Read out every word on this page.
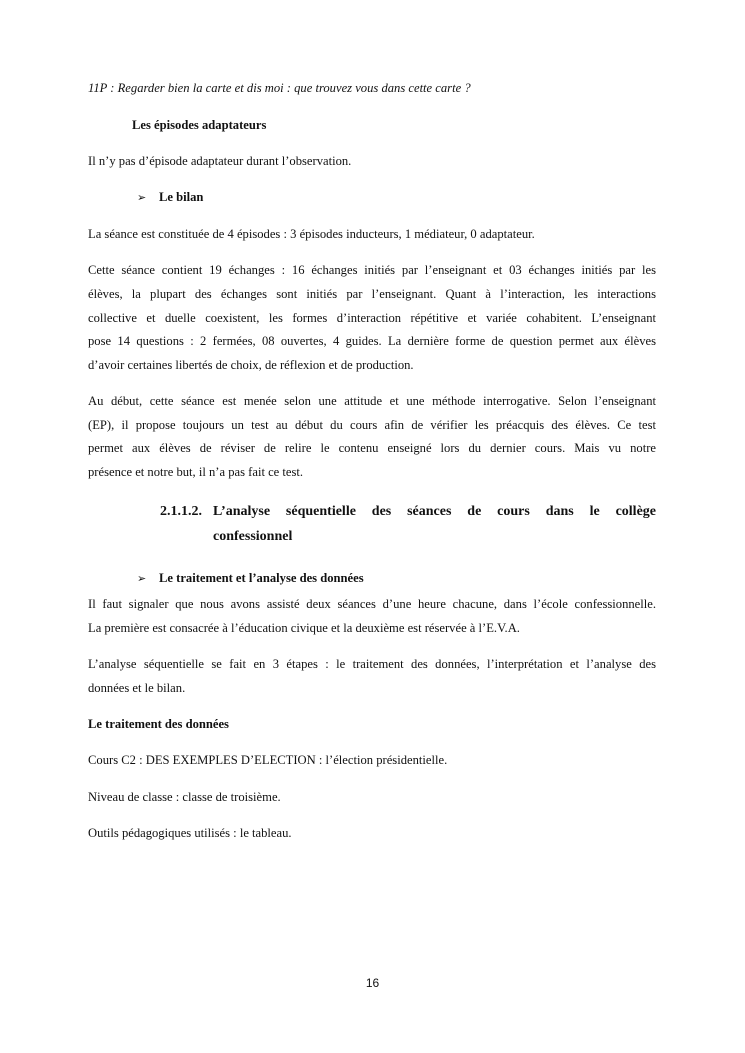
11P : Regarder bien la carte et dis moi : que trouvez vous dans cette carte ?
Les épisodes adaptateurs
Il n’y pas d’épisode adaptateur durant l’observation.
➢ Le bilan
La séance est constituée de 4 épisodes : 3 épisodes inducteurs, 1 médiateur, 0 adaptateur.
Cette séance contient 19 échanges : 16 échanges initiés par l’enseignant et 03 échanges initiés par les
élèves, la plupart des échanges sont initiés par l’enseignant. Quant à l’interaction, les interactions
collective et duelle coexistent, les formes d’interaction répétitive et variée cohabitent. L’enseignant
pose 14 questions : 2 fermées, 08 ouvertes, 4 guides. La dernière forme de question permet aux élèves
d’avoir certaines libertés de choix, de réflexion et de production.
Au début, cette séance est menée selon une attitude et une méthode interrogative. Selon l’enseignant
(EP), il propose toujours un test au début du cours afin de vérifier les préacquis des élèves. Ce test
permet aux élèves de réviser de relire le contenu enseigné lors du dernier cours. Mais vu notre
présence et notre but, il n’a pas fait ce test.
2.1.1.2. L’analyse séquentielle des séances de cours dans le collège
confessionnel
➢ Le traitement et l’analyse des données
Il faut signaler que nous avons assisté deux séances d’une heure chacune, dans l’école confessionnelle.
La première est consacrée à l’éducation civique et la deuxième est réservée à l’E.V.A.
L’analyse séquentielle se fait en 3 étapes : le traitement des données, l’interprétation et l’analyse des
données et le bilan.
Le traitement des données
Cours C2 : DES EXEMPLES D’ELECTION : l’élection présidentielle.
Niveau de classe : classe de troisième.
Outils pédagogiques utilisés : le tableau.
16
